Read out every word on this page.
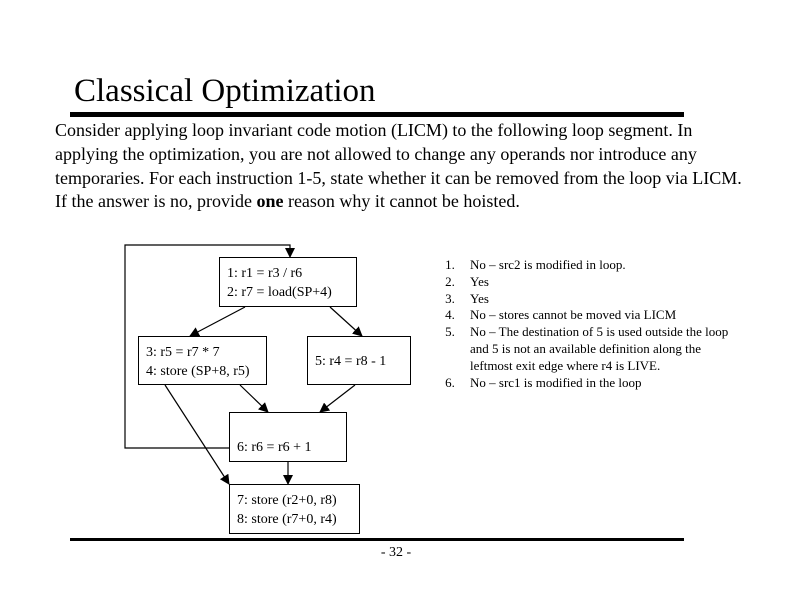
Classical Optimization
Consider applying loop invariant code motion (LICM) to the following loop segment. In applying the optimization, you are not allowed to change any operands nor introduce any temporaries. For each instruction 1-5, state whether it can be removed from the loop via LICM. If the answer is no, provide one reason why it cannot be hoisted.
1: r1 = r3 / r6
2: r7 = load(SP+4)
3: r5 = r7 * 7
4: store (SP+8, r5)
5: r4 = r8 - 1
6: r6 = r6 + 1
7: store (r2+0, r8)
8: store (r7+0, r4)
1.	No – src2 is modified in loop.
2.	Yes
3.	Yes
4.	No – stores cannot be moved via LICM
5.	No – The destination of 5 is used outside the loop and 5 is not an available definition along the leftmost exit edge where r4 is LIVE.
6.	No – src1 is modified in the loop
- 32 -
